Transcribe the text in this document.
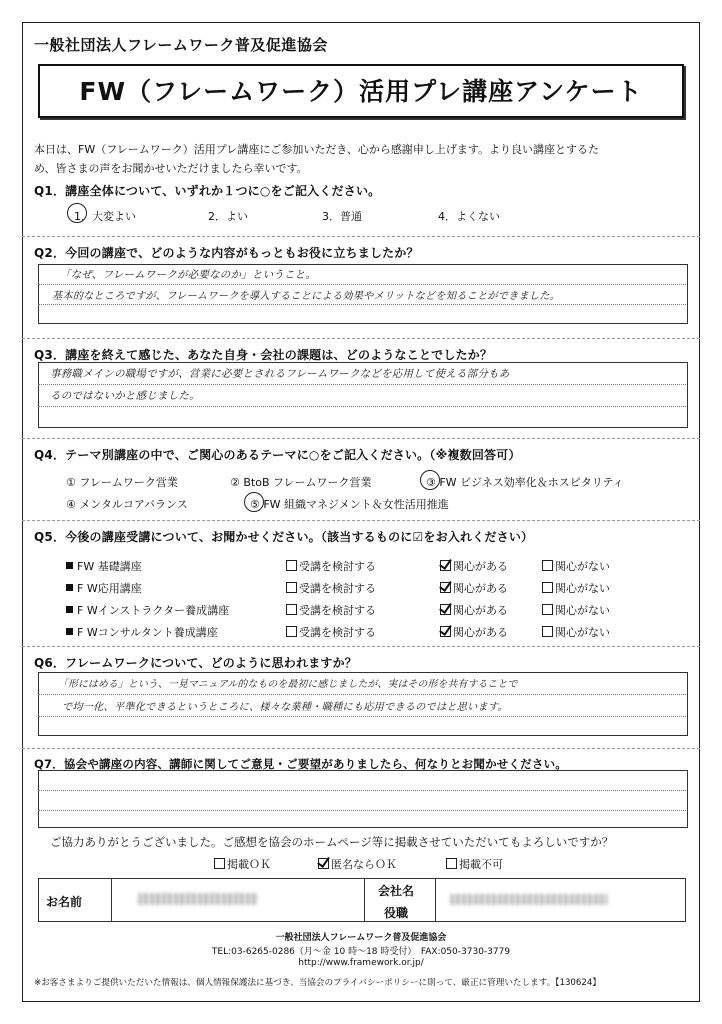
一般社団法人フレームワーク普及促進協会
FW（フレームワーク）活用プレ講座アンケート
本日は、FW（フレームワーク）活用プレ講座にご参加いただき、心から感謝申し上げます。より良い講座とするた
め、皆さまの声をお聞かせいただけましたら幸いです。
Q1．講座全体について、いずれか１つに○をご記入ください。
1．大変よい	2．よい	3．普通	4．よくない
Q2．今回の講座で、どのような内容がもっともお役に立ちましたか？
「なぜ、フレームワークが必要なのか」ということ。
基本的なところですが、フレームワークを導入することによる効果やメリットなどを知ることができました。
Q3．講座を終えて感じた、あなた自身・会社の課題は、どのようなことでしたか？
事務職メインの職場ですが、営業に必要とされるフレームワークなどを応用して使える部分もあ
るのではないかと感じました。
Q4．テーマ別講座の中で、ご関心のあるテーマに○をご記入ください。（※複数回答可）
① フレームワーク営業	② BtoB フレームワーク営業	③ FW ビジネス効率化＆ホスピタリティ
④ メンタルコアバランス	⑤ FW 組織マネジメント＆女性活用推進
Q5．今後の講座受講について、お聞かせください。（該当するものに☑をお入れください）
FW 基礎講座	受講を検討する	関心がある	関心がない
F W応用講座	受講を検討する	関心がある	関心がない
F Wインストラクター養成講座	受講を検討する	関心がある	関心がない
F Wコンサルタント養成講座	受講を検討する	関心がある	関心がない
Q6．フレームワークについて、どのように思われますか？
「形にはめる」という、一見マニュアル的なものを最初に感じましたが、実はその形を共有することで
で均一化、平準化できるというところに、様々な業種・職種にも応用できるのではと思います。
Q7．協会や講座の内容、講師に関してご意見・ご要望がありましたら、何なりとお聞かせください。
ご協力ありがとうございました。ご感想を協会のホームページ等に掲載させていただいてもよろしいですか？
掲載ＯＫ	匿名ならＯＫ	掲載不可
お名前
会社名
役職
一般社団法人フレームワーク普及促進協会
TEL:03-6265-0286（月～金 10 時～18 時受付）　FAX:050-3730-3779
http://www.framework.or.jp/
※お客さまよりご提供いただいた情報は、個人情報保護法に基づき、当協会のプライバシーポリシーに則って、厳正に管理いたします。【130624】
